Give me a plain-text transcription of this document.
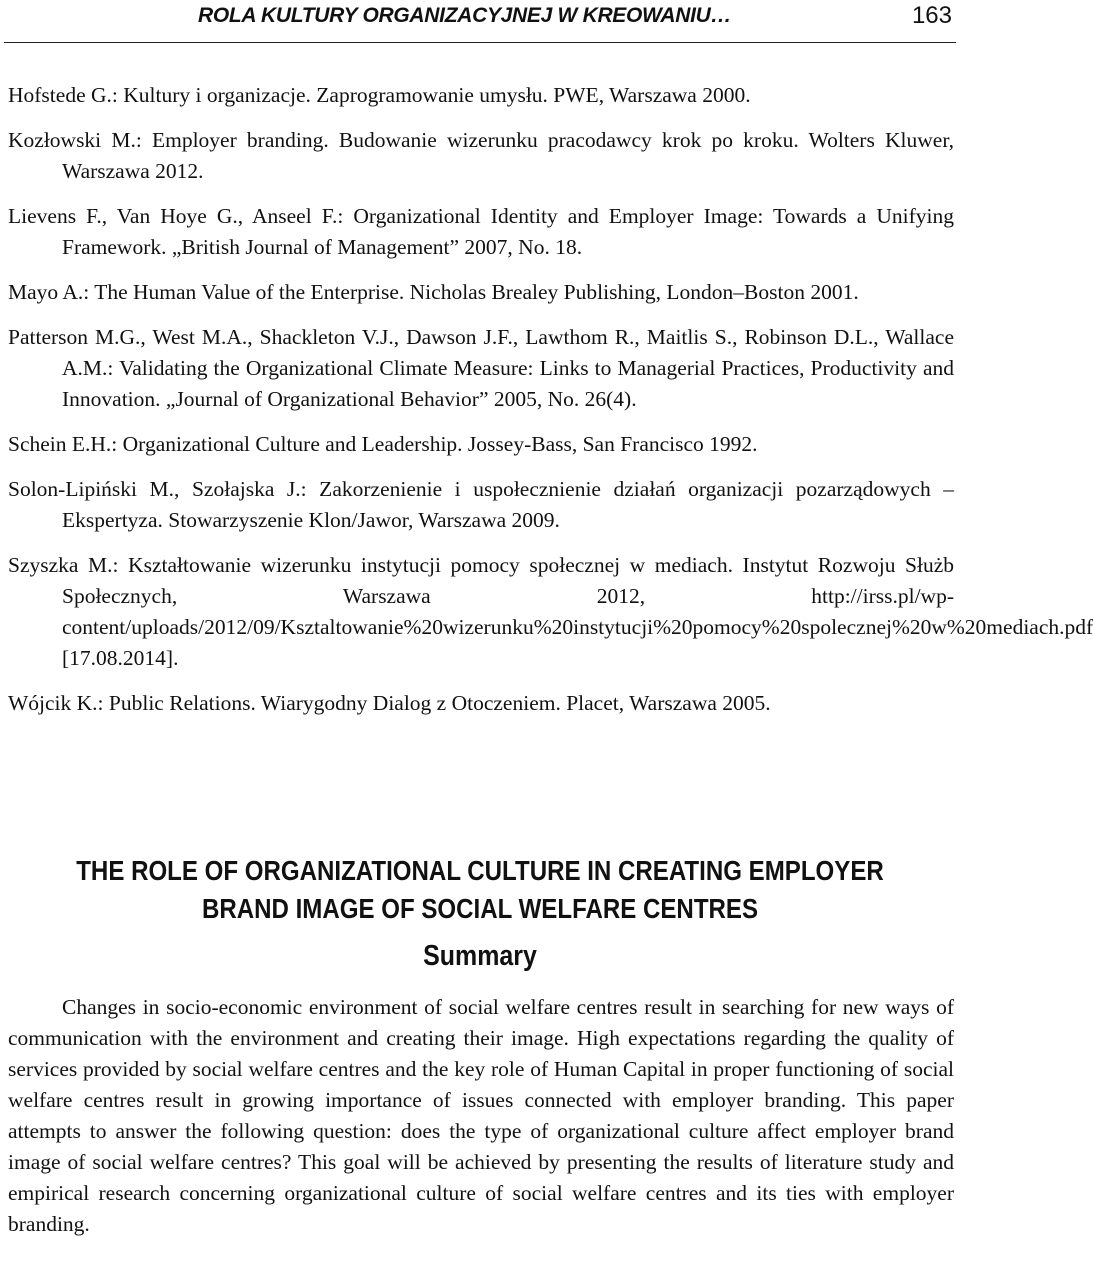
ROLA KULTURY ORGANIZACYJNEJ W KREOWANIU…	163

Hofstede G.: Kultury i organizacje. Zaprogramowanie umysłu. PWE, Warszawa 2000.

Kozłowski M.: Employer branding. Budowanie wizerunku pracodawcy krok po kroku. Wolters Kluwer, Warszawa 2012.

Lievens F., Van Hoye G., Anseel F.: Organizational Identity and Employer Image: Towards a Unifying Framework. „British Journal of Management” 2007, No. 18.

Mayo A.: The Human Value of the Enterprise. Nicholas Brealey Publishing, London–Boston 2001.

Patterson M.G., West M.A., Shackleton V.J., Dawson J.F., Lawthom R., Maitlis S., Robinson D.L., Wallace A.M.: Validating the Organizational Climate Measure: Links to Managerial Practices, Productivity and Innovation. „Journal of Organizational Behavior” 2005, No. 26(4).

Schein E.H.: Organizational Culture and Leadership. Jossey-Bass, San Francisco 1992.

Solon-Lipiński M., Szołajska J.: Zakorzenienie i uspołecznienie działań organizacji pozarządowych – Ekspertyza. Stowarzyszenie Klon/Jawor, Warszawa 2009.

Szyszka M.: Kształtowanie wizerunku instytucji pomocy społecznej w mediach. Instytut Rozwoju Służb Społecznych, Warszawa 2012, http://irss.pl/wp-content/uploads/2012/09/Ksztaltowanie%20wizerunku%20instytucji%20pomocy%20spolecznej%20w%20mediach.pdf [17.08.2014].

Wójcik K.: Public Relations. Wiarygodny Dialog z Otoczeniem. Placet, Warszawa 2005.

THE ROLE OF ORGANIZATIONAL CULTURE IN CREATING EMPLOYER
BRAND IMAGE OF SOCIAL WELFARE CENTRES
Summary

Changes in socio-economic environment of social welfare centres result in searching for new ways of communication with the environment and creating their image. High expectations regarding the quality of services provided by social welfare centres and the key role of Human Capital in proper functioning of social welfare centres result in growing importance of issues connected with employer branding. This paper attempts to answer the following question: does the type of organizational culture affect employer brand image of social welfare centres? This goal will be achieved by presenting the results of literature study and empirical research concerning organizational culture of social welfare centres and its ties with employer branding.
